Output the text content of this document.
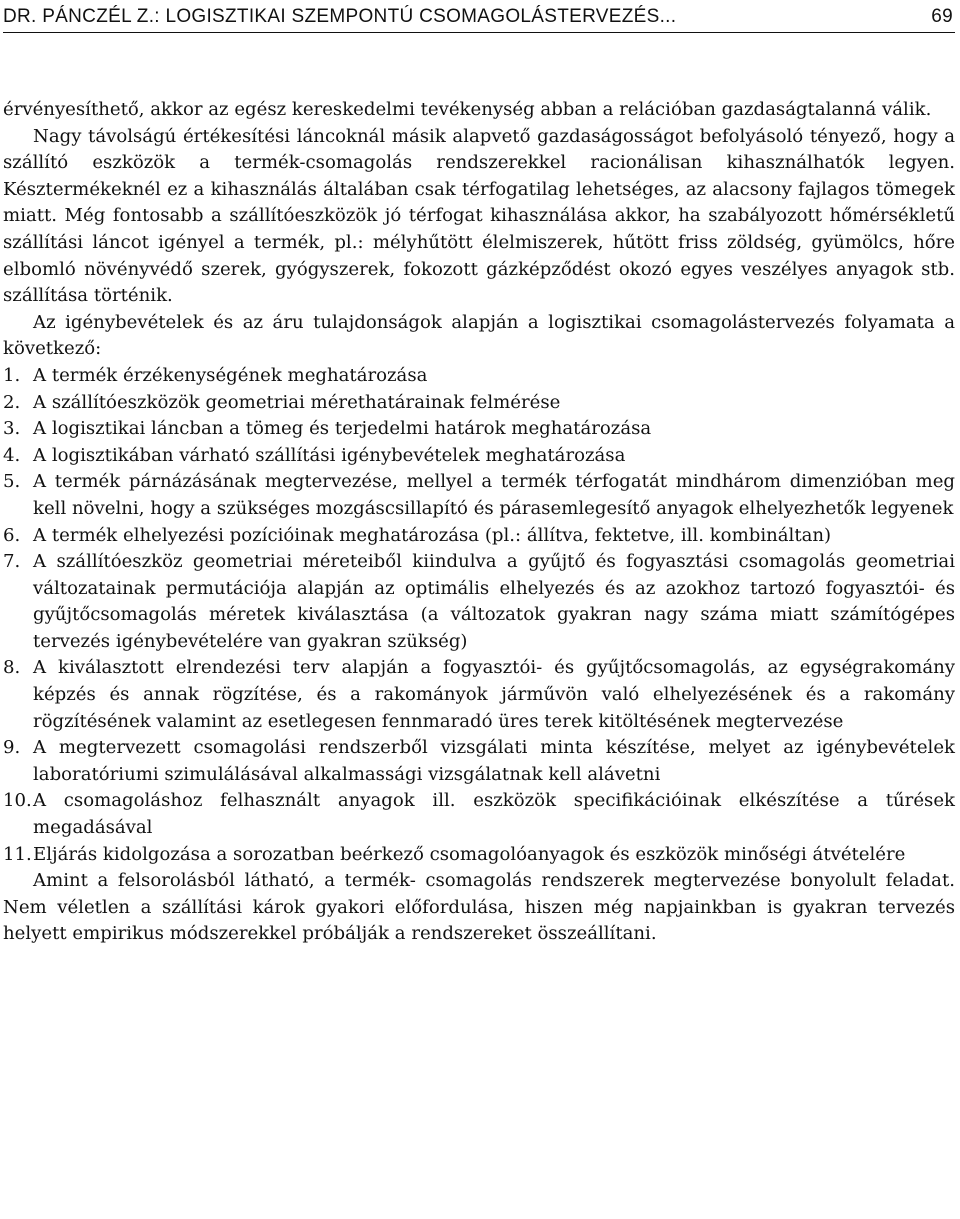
DR. PÁNCZÉL Z.: LOGISZTIKAI SZEMPONTÚ CSOMAGOLÁSTERVEZÉS...	69

érvényesíthető, akkor az egész kereskedelmi tevékenység abban a relációban gazdaságtalanná válik.

Nagy távolságú értékesítési láncoknál másik alapvető gazdaságosságot befolyásoló tényező, hogy a szállító eszközök a termék-csomagolás rendszerekkel racionálisan kihasználhatók legyen. Késztermékeknél ez a kihasználás általában csak térfogatilag lehetséges, az alacsony fajlagos tömegek miatt. Még fontosabb a szállítóeszközök jó térfogat kihasználása akkor, ha szabályozott hőmérsékletű szállítási láncot igényel a termék, pl.: mélyhűtött élelmiszerek, hűtött friss zöldség, gyümölcs, hőre elbomló növényvédő szerek, gyógyszerek, fokozott gázképződést okozó egyes veszélyes anyagok stb. szállítása történik.

Az igénybevételek és az áru tulajdonságok alapján a logisztikai csomagolástervezés folyamata a következő:

1. A termék érzékenységének meghatározása
2. A szállítóeszközök geometriai mérethatárainak felmérése
3. A logisztikai láncban a tömeg és terjedelmi határok meghatározása
4. A logisztikában várható szállítási igénybevételek meghatározása
5. A termék párnázásának megtervezése, mellyel a termék térfogatát mindhárom dimenzióban meg kell növelni, hogy a szükséges mozgáscsillapító és párasemlegesítő anyagok elhelyezhetők legyenek
6. A termék elhelyezési pozícióinak meghatározása (pl.: állítva, fektetve, ill. kombináltan)
7. A szállítóeszköz geometriai méreteiből kiindulva a gyűjtő és fogyasztási csomagolás geometriai változatainak permutációja alapján az optimális elhelyezés és az azokhoz tartozó fogyasztói- és gyűjtőcsomagolás méretek kiválasztása (a változatok gyakran nagy száma miatt számítógépes tervezés igénybevételére van gyakran szükség)
8. A kiválasztott elrendezési terv alapján a fogyasztói- és gyűjtőcsomagolás, az egységrakomány képzés és annak rögzítése, és a rakományok járművön való elhelyezésének és a rakomány rögzítésének valamint az esetlegesen fennmaradó üres terek kitöltésének megtervezése
9. A megtervezett csomagolási rendszerből vizsgálati minta készítése, melyet az igénybevételek laboratóriumi szimulálásával alkalmassági vizsgálatnak kell alávetni
10. A csomagoláshoz felhasznált anyagok ill. eszközök specifikációinak elkészítése a tűrések megadásával
11. Eljárás kidolgozása a sorozatban beérkező csomagolóanyagok és eszközök minőségi átvételére

Amint a felsorolásból látható, a termék- csomagolás rendszerek megtervezése bonyolult feladat. Nem véletlen a szállítási károk gyakori előfordulása, hiszen még napjainkban is gyakran tervezés helyett empirikus módszerekkel próbálják a rendszereket összeállítani.
